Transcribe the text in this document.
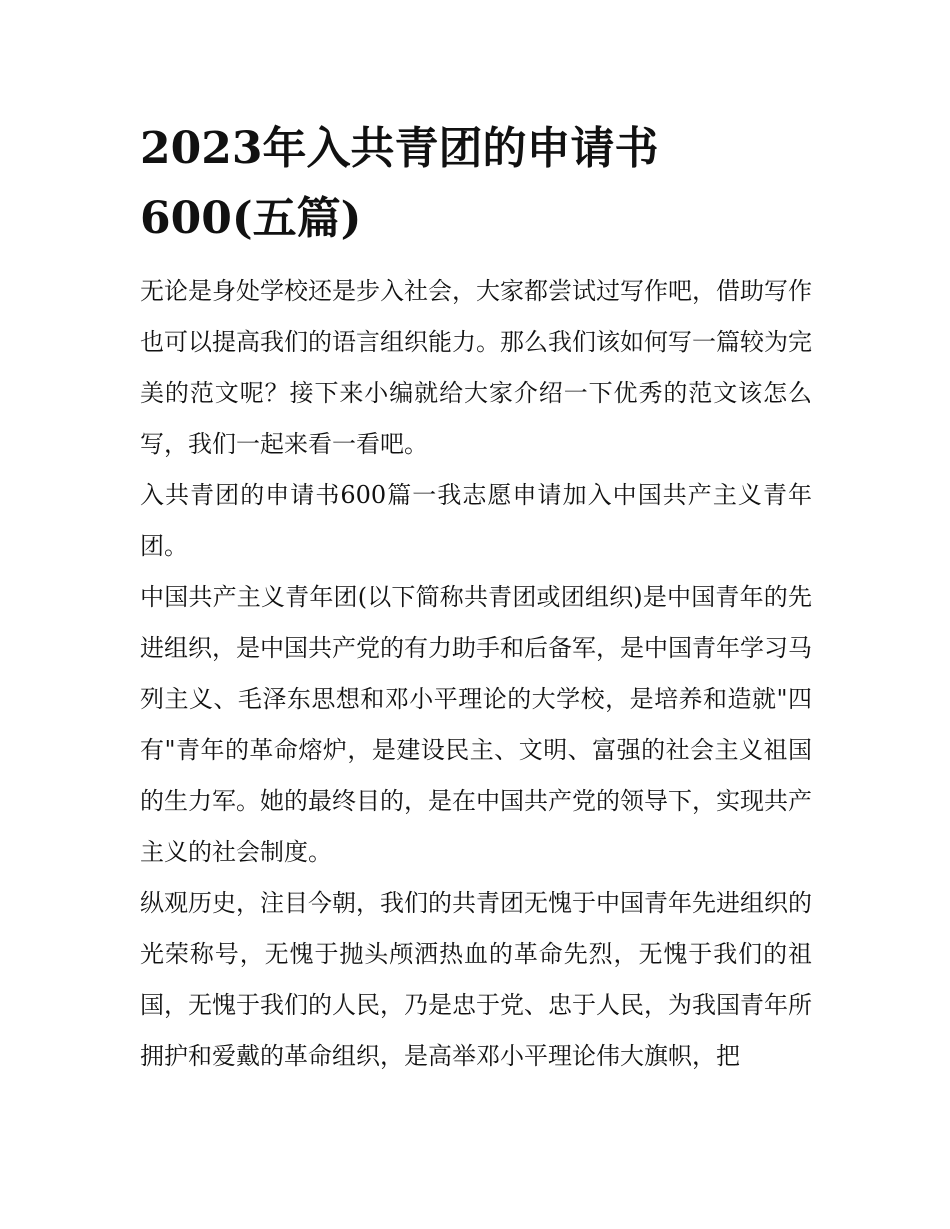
2023年入共青团的申请书
600(五篇)

无论是身处学校还是步入社会，大家都尝试过写作吧，借助写作也可以提高我们的语言组织能力。那么我们该如何写一篇较为完美的范文呢？接下来小编就给大家介绍一下优秀的范文该怎么写，我们一起来看一看吧。

入共青团的申请书600篇一我志愿申请加入中国共产主义青年团。

中国共产主义青年团(以下简称共青团或团组织)是中国青年的先进组织，是中国共产党的有力助手和后备军，是中国青年学习马列主义、毛泽东思想和邓小平理论的大学校，是培养和造就"四有"青年的革命熔炉，是建设民主、文明、富强的社会主义祖国的生力军。她的最终目的，是在中国共产党的领导下，实现共产主义的社会制度。

纵观历史，注目今朝，我们的共青团无愧于中国青年先进组织的光荣称号，无愧于抛头颅洒热血的革命先烈，无愧于我们的祖国，无愧于我们的人民，乃是忠于党、忠于人民，为我国青年所拥护和爱戴的革命组织，是高举邓小平理论伟大旗帜，把
